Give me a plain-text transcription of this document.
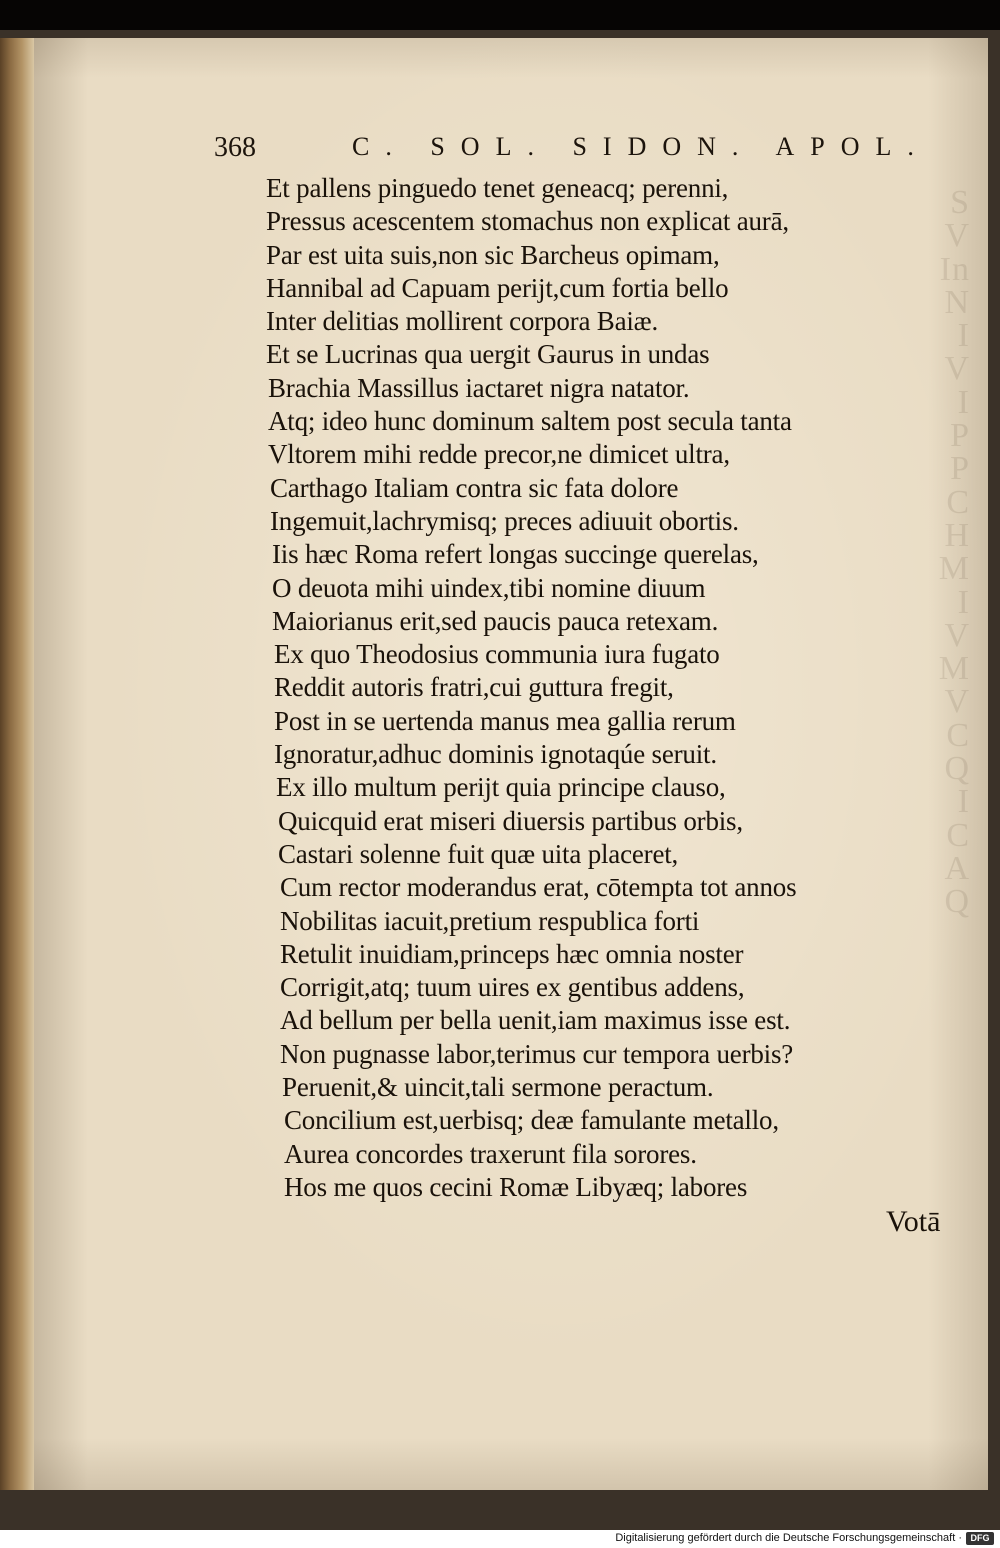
S
V
In
N
I
V
I
P
P
C
H
M
I
V
M
V
C
Q
I
C
A
Q
368	C. SOL. SIDON. APOL.
Et pallens pinguedo tenet geneacq; perenni,
Pressus acescentem stomachus non explicat aurā,
Par est uita suis,non sic Barcheus opimam,
Hannibal ad Capuam perijt,cum fortia bello
Inter delitias mollirent corpora Baiæ.
Et se Lucrinas qua uergit Gaurus in undas
Brachia Massillus iactaret nigra natator.
Atq; ideo hunc dominum saltem post secula tanta
Vltorem mihi redde precor,ne dimicet ultra,
Carthago Italiam contra sic fata dolore
Ingemuit,lachrymisq; preces adiuuit obortis.
Iis hæc Roma refert longas succinge querelas,
O deuota mihi uindex,tibi nomine diuum
Maiorianus erit,sed paucis pauca retexam.
Ex quo Theodosius communia iura fugato
Reddit autoris fratri,cui guttura fregit,
Post in se uertenda manus mea gallia rerum
Ignoratur,adhuc dominis ignotaqúe seruit.
Ex illo multum perijt quia principe clauso,
Quicquid erat miseri diuersis partibus orbis,
Castari solenne fuit quæ uita placeret,
Cum rector moderandus erat, cōtempta tot annos
Nobilitas iacuit,pretium respublica forti
Retulit inuidiam,princeps hæc omnia noster
Corrigit,atq; tuum uires ex gentibus addens,
Ad bellum per bella uenit,iam maximus isse est.
Non pugnasse labor,terimus cur tempora uerbis?
Peruenit,& uincit,tali sermone peractum.
Concilium est,uerbisq; deæ famulante metallo,
Aurea concordes traxerunt fila sorores.
Hos me quos cecini Romæ Libyæq; labores
Votā
Digitalisierung gefördert durch die Deutsche Forschungsgemeinschaft · DFG
